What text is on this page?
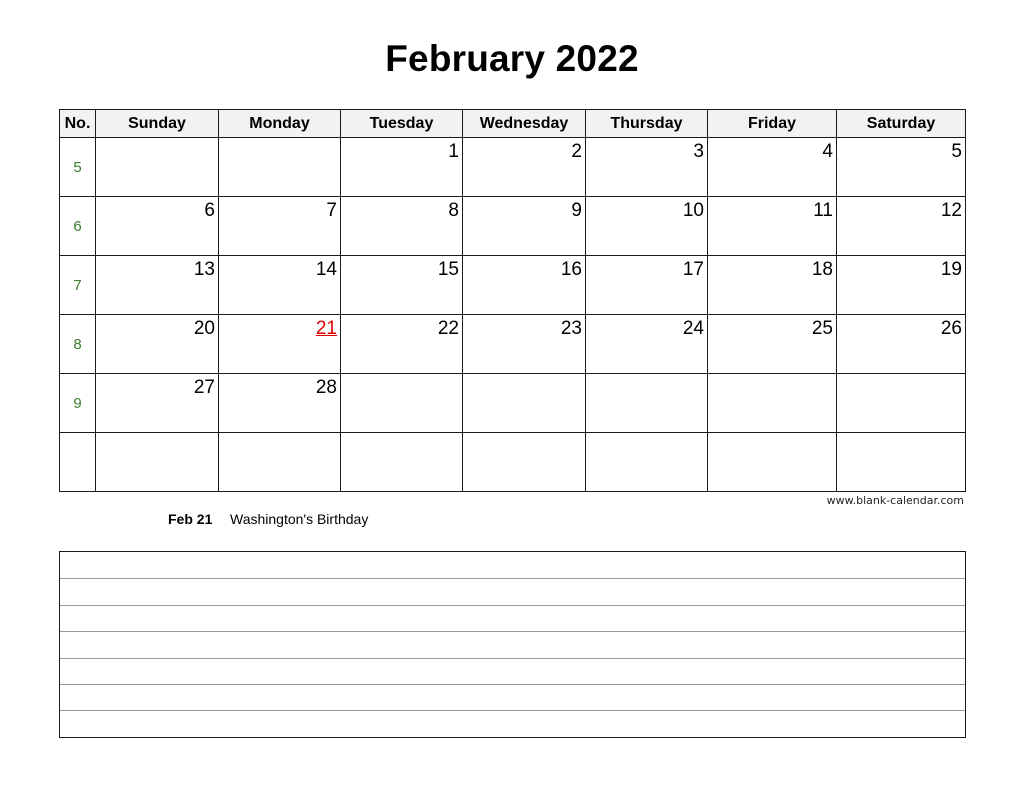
February 2022
No.	Sunday	Monday	Tuesday	Wednesday	Thursday	Friday	Saturday
5			1	2	3	4	5
6	6	7	8	9	10	11	12
7	13	14	15	16	17	18	19
8	20	21	22	23	24	25	26
9	27	28					

www.blank-calendar.com
Feb 21 Washington's Birthday
